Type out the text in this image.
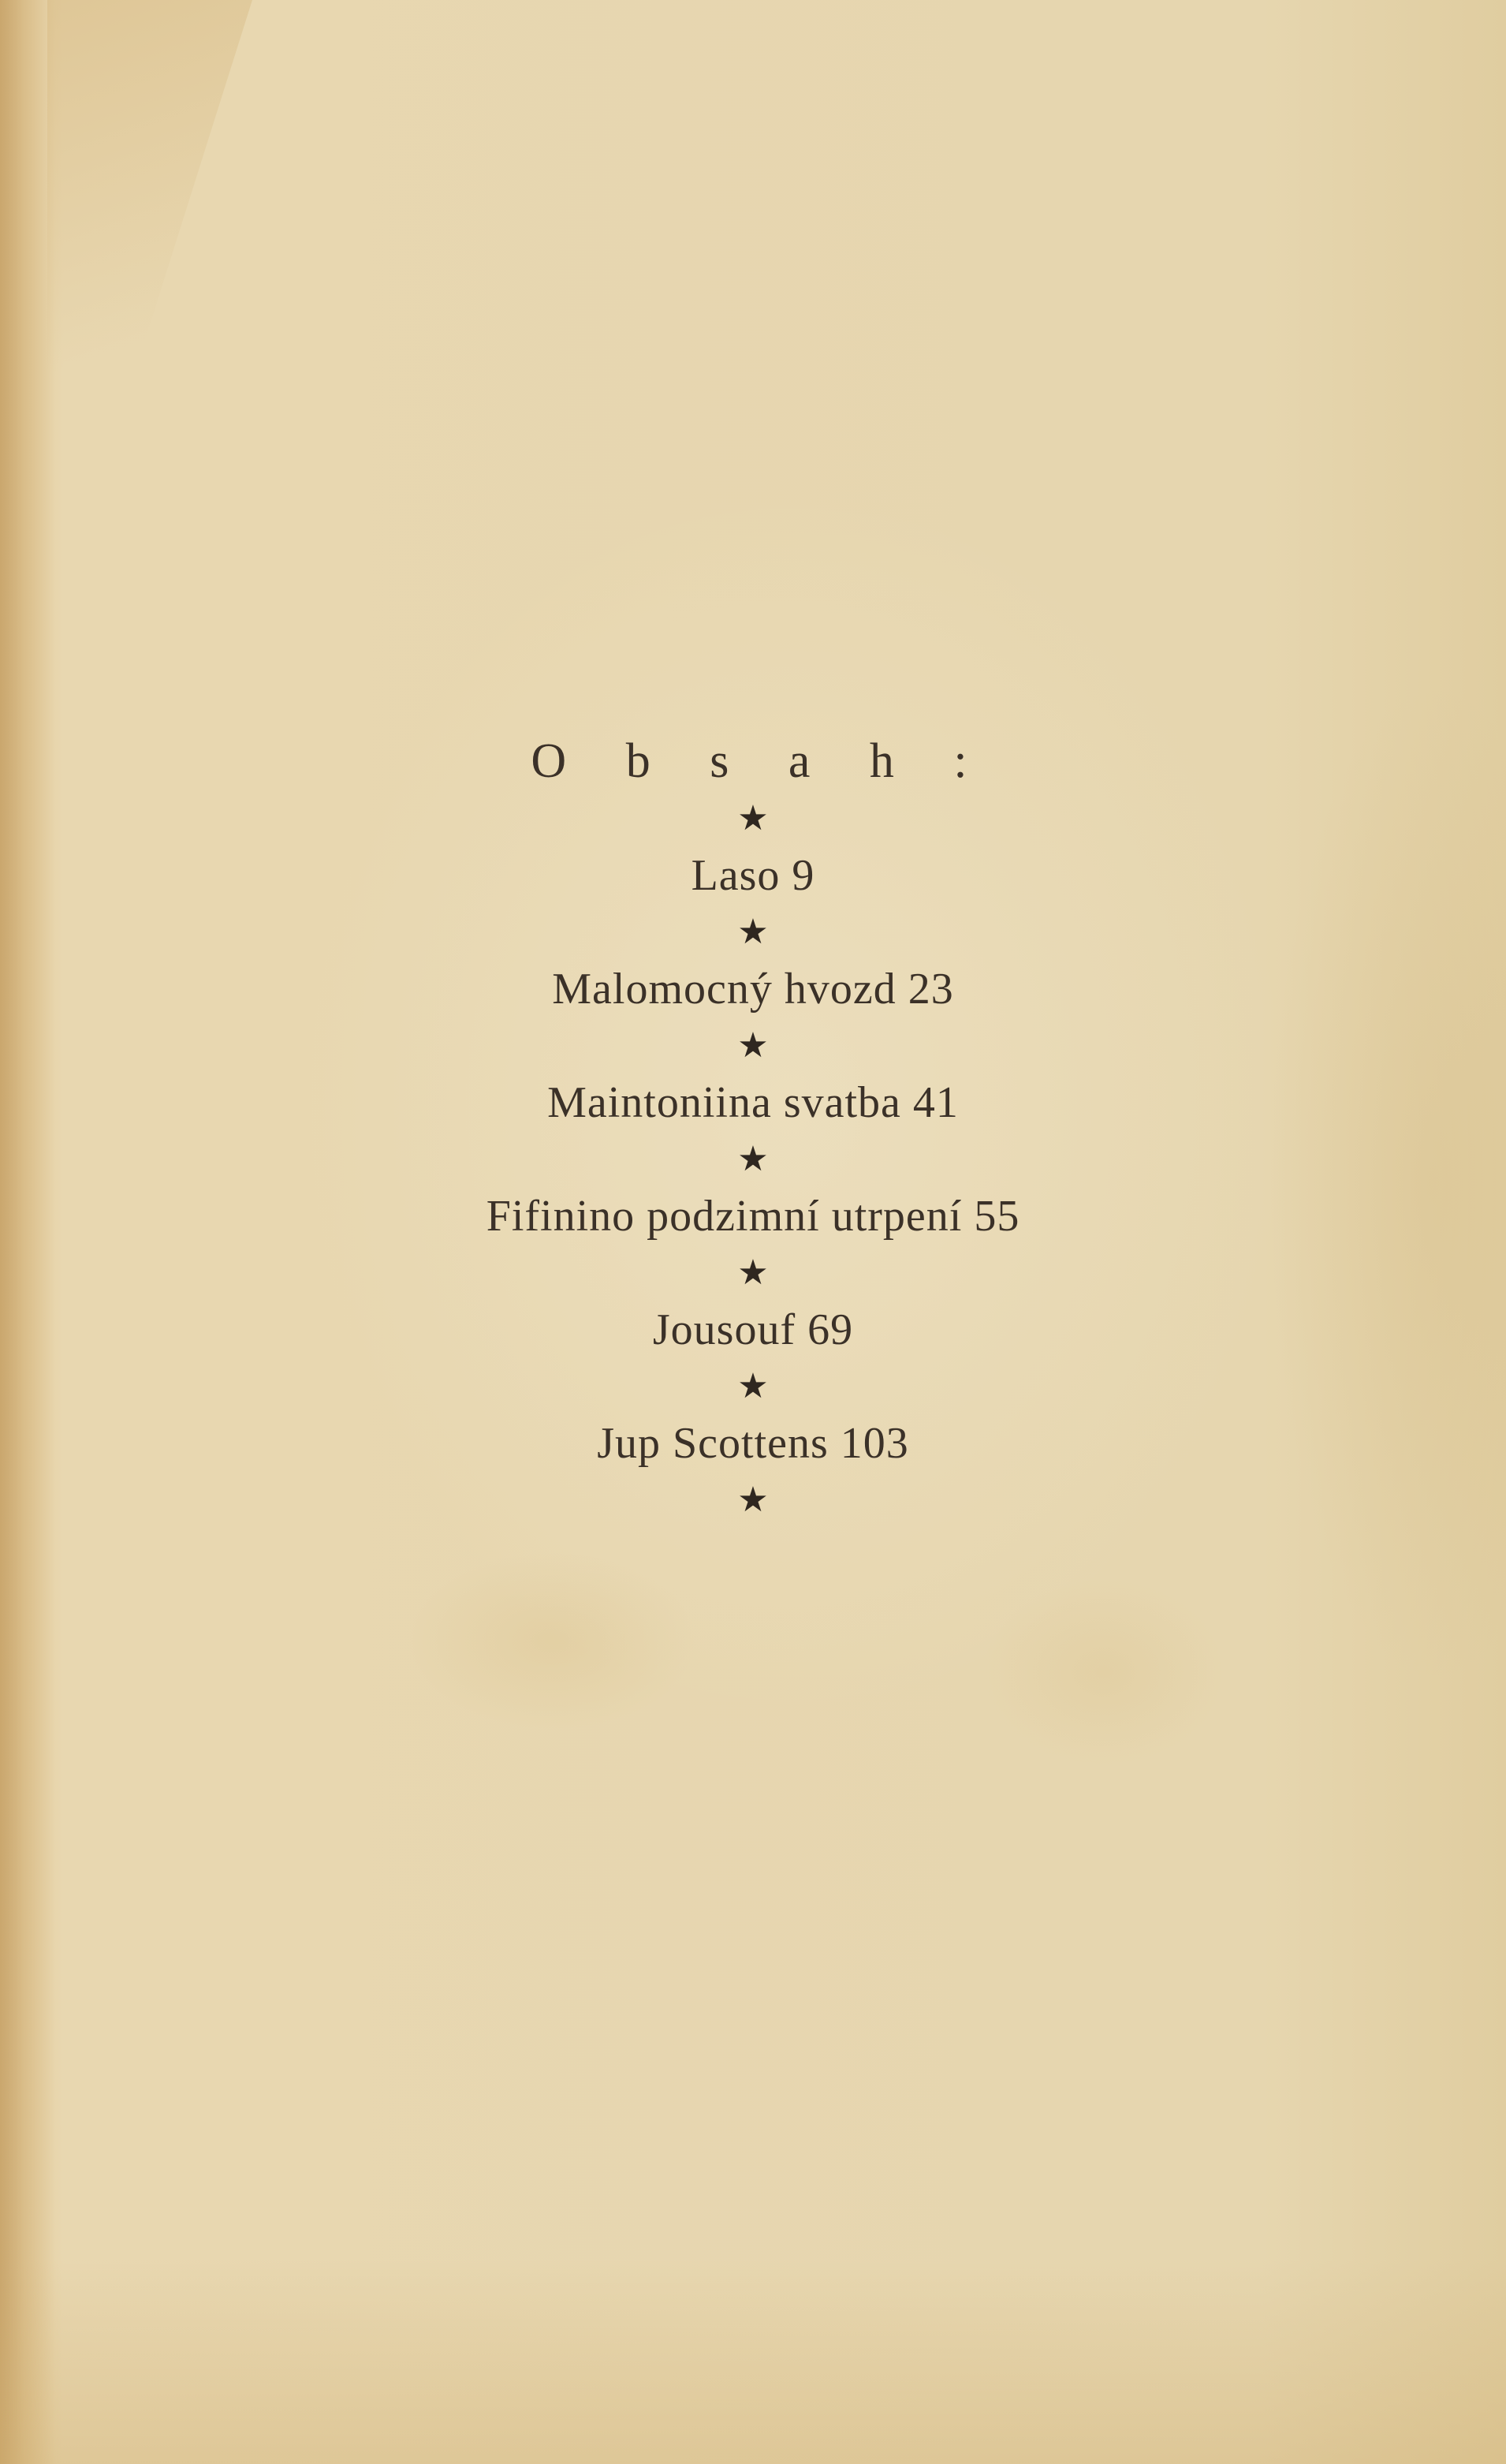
O b s a h :
★
Laso 9
★
Malomocný hvozd 23
★
Maintoniina svatba 41
★
Fifinino podzimní utrpení 55
★
Jousouf 69
★
Jup Scottens 103
★
